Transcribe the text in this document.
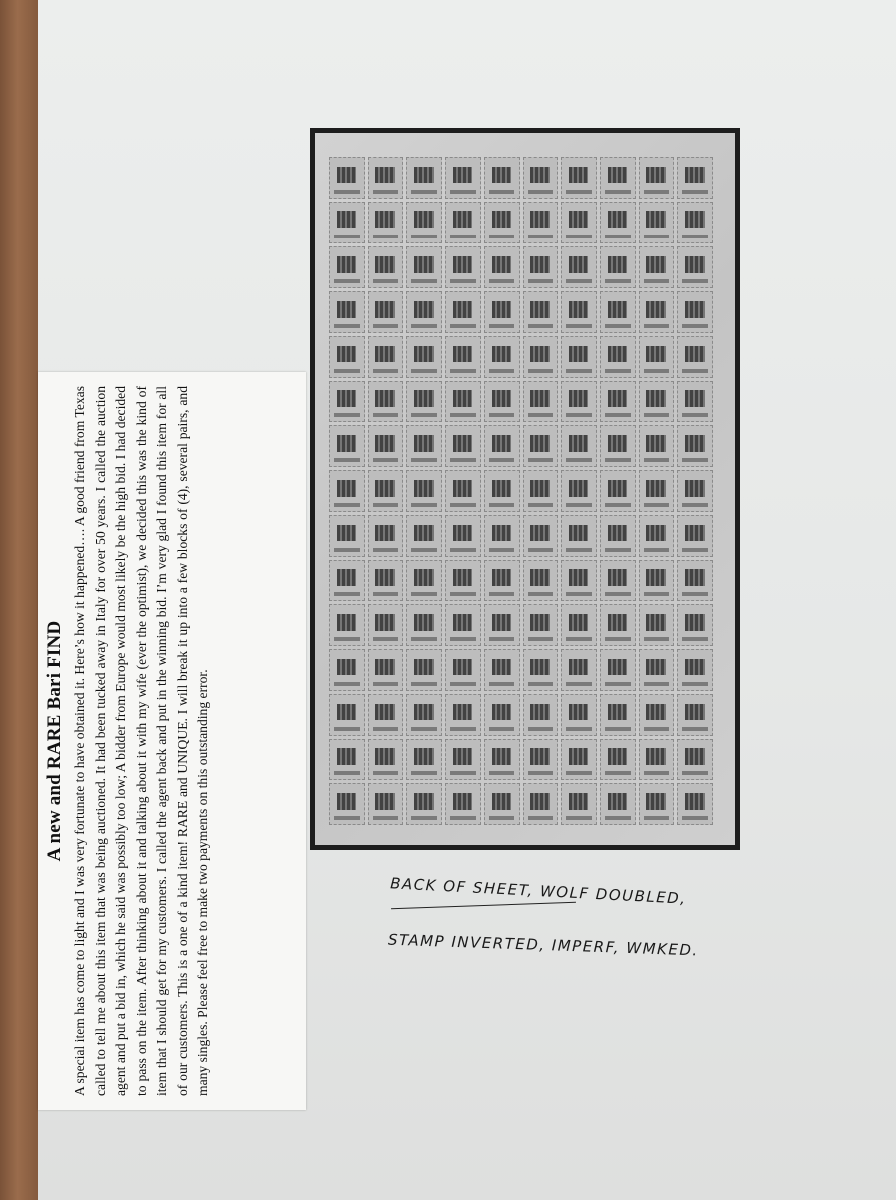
A new and RARE Bari FIND A special item has come to light and I was very fortunate to have obtained it. Here’s how it happened…. A good friend from Texas called to tell me about this item that was being auctioned. It had been tucked away in Italy for over 50 years. I called the auction agent and put a bid in, which he said was possibly too low; A bidder from Europe would most likely be the high bid. I had decided to pass on the item. After thinking about it and talking about it with my wife (ever the optimist), we decided this was the kind of item that I should get for my customers. I called the agent back and put in the winning bid. I’m very glad I found this item for all of our customers. This is a one of a kind item! RARE and UNIQUE. I will break it up into a few blocks of (4), several pairs, and many singles. Please feel free to make two payments on this outstanding error.	BACK OF SHEET, WOLF DOUBLED,
STAMP INVERTED, IMPERF, WMKED.
